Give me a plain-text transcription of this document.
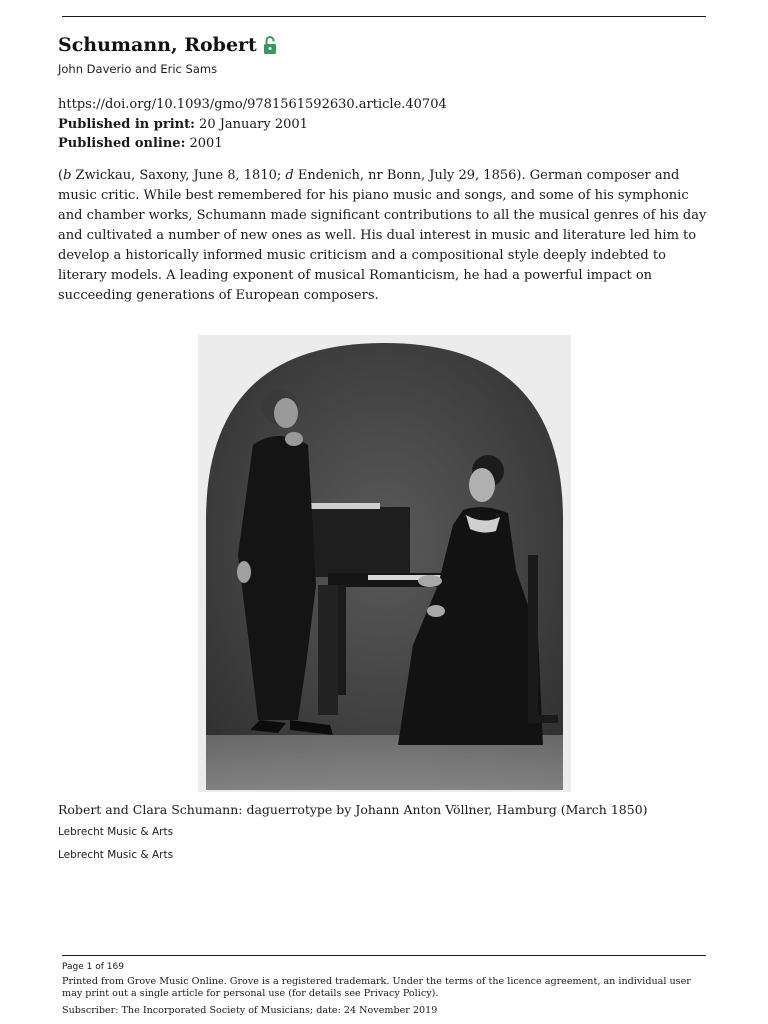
Schumann, Robert
John Daverio and Eric Sams
https://doi.org/10.1093/gmo/9781561592630.article.40704
Published in print: 20 January 2001
Published online: 2001
(b Zwickau, Saxony, June 8, 1810; d Endenich, nr Bonn, July 29, 1856). German composer and music critic. While best remembered for his piano music and songs, and some of his symphonic and chamber works, Schumann made significant contributions to all the musical genres of his day and cultivated a number of new ones as well. His dual interest in music and literature led him to develop a historically informed music criticism and a compositional style deeply indebted to literary models. A leading exponent of musical Romanticism, he had a powerful impact on succeeding generations of European composers.
Robert and Clara Schumann: daguerrotype by Johann Anton Völlner, Hamburg (March 1850)
Lebrecht Music & Arts
Lebrecht Music & Arts
Page 1 of 169
Printed from Grove Music Online. Grove is a registered trademark. Under the terms of the licence agreement, an individual user may print out a single article for personal use (for details see Privacy Policy).
Subscriber: The Incorporated Society of Musicians; date: 24 November 2019
